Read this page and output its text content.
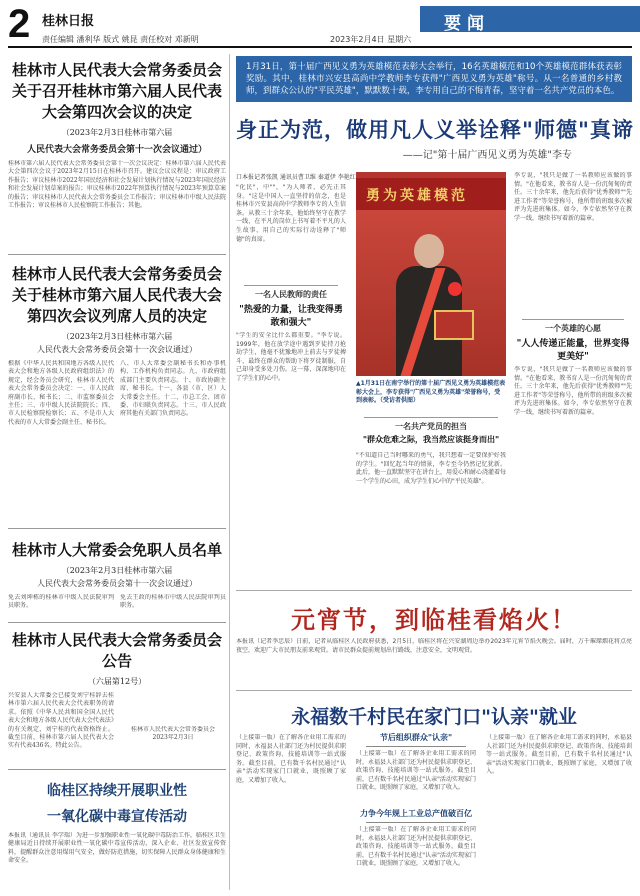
2 桂林日报
责任编辑 潘利华 版式 姚昆 责任校对 邓新明	2023年2月4日 星期六
要闻
桂林市人民代表大会常务委员会关于召开桂林市第六届人民代表大会第四次会议的决定
（2023年2月3日桂林市第六届
人民代表大会常务委员会第十一次会议通过）
桂林市第六届人民代表大会常务委员会第十一次会议决定：桂林市第六届人民代表大会第四次会议于2023年2月15日在桂林市召开。建议会议议程是：审议政府工作报告；审议桂林市2022年国民经济和社会发展计划执行情况与2023年国民经济和社会发展计划草案的报告；审议桂林市2022年预算执行情况与2023年预算草案的报告；审议桂林市人民代表大会常务委员会工作报告；审议桂林市中级人民法院工作报告；审议桂林市人民检察院工作报告；其他。
桂林市人民代表大会常务委员会关于桂林市第六届人民代表大会第四次会议列席人员的决定
（2023年2月3日桂林市第六届
人民代表大会常务委员会第十一次会议通过）
根据《中华人民共和国地方各级人民代表大会和地方各级人民政府组织法》的规定，经会务员会研究，桂林市人民代表大会常务委员会决定：一、市人民政府副市长、秘书长；二、市监察委员会主任；三、市中级人民法院院长；四、市人民检察院检察长；五、不是市人大代表的市人大常委会副主任、秘书长。
八、市人大常委会副秘书长和办事机构、工作机构负责同志。九、市政府组成部门主要负责同志。十、市政协副主席、秘书长。十一、各县（市、区）人大常委会主任。十二、市总工会、团市委、市妇联负责同志。十三、市人民政府其他有关部门负责同志。
桂林市人大常委会免职人员名单
（2023年2月3日桂林市第六届
人民代表大会常务委员会第十一次会议通过）
免去刘坤栋的桂林市中级人民法院审判员职务。
免去王政的桂林市中级人民法院审判员职务。
桂林市人民代表大会常务委员会公告
（六届第12号）
兴安县人大常委会已接受刘宁桂辞去桂林市第六届人民代表大会代表职务的请求。依照《中华人民共和国全国人民代表大会和地方各级人民代表大会代表法》的有关规定，刘宁桂的代表资格终止。截至目前，桂林市第六届人民代表大会实有代表436名。特此公告。
桂林市人民代表大会常务委员会
2023年2月3日
临桂区持续开展职业性
一氧化碳中毒宣传活动
本报讯（通讯员 李学瑞）为进一步加强职业性一氧化碳中毒防治工作，临桂区卫生健康局近日持续开展职业性一氧化碳中毒宣传活动，深入企业、社区发放宣传资料，提醒群众注意用煤用气安全，做好防范措施，切实保障人民群众身体健康和生命安全。
1月31日，第十届广西见义勇为英雄模范表彰大会举行，16名英雄模范和10个英雄模范群体获表彰奖励。其中，桂林市兴安县高尚中学教师李专获得"广西见义勇为英雄"称号。从一名普通的乡村教师，到群众公认的"平民英雄"，默默数十载，李专用自己的不悔青春，坚守着一名共产党员的本色。
身正为范，做用凡人义举诠释"师德"真谛
——记"第十届广西见义勇为英雄"李专
口本报记者张凯 通讯员曹卫维 秦道伊 李艳红
"化民"，中""，"为人师者，必先正其身。"这是中国人一直坚持的信念，也是桂林市兴安县高尚中学教师李专的人生信条。从教三十余年来，他始终坚守在教学一线，在平凡的岗位上书写着不平凡的人生故事，用自己的实际行动诠释了"师德"的真谛。
一名人民教师的责任
"热爱的力量，让我变得勇敢和强大"
"学生的安全比什么都重要。"李专说。1999年，他在放学途中遇到歹徒持刀抢劫学生，他毫不犹豫地冲上前去与歹徒搏斗，最终在群众的帮助下将歹徒制服，自己却身受多处刀伤。这一幕，深深地印在了学生们的心中。
勇为英雄模范
▲1月31日在南宁举行的第十届广西见义勇为英雄模范表彰大会上，李专获得"广西见义勇为英雄"荣誉称号，受到表彰。（受访者供图）
一名共产党员的担当
"群众危难之际，我当然应该挺身而出"
"不知道自己当时哪来的勇气，我只想着一定要保护好我的学生。"回忆起当年的情景，李专至今仍然记忆犹新。此后，他一直默默坚守在讲台上，用爱心和耐心浇灌着每一个学生的心田，成为学生们心中的"平民英雄"。
李专说，"我只是做了一名教师应该做的事情。"在他看来，教书育人是一份沉甸甸的责任。三十余年来，他先后获得"优秀教师""先进工作者"等荣誉称号，他所带的班级多次被评为先进班集体。如今，李专依然坚守在教学一线，继续书写着新的篇章。
一个英雄的心愿
"人人传递正能量，世界变得更美好"
李专说，"我只是做了一名教师应该做的事情。"在他看来，教书育人是一份沉甸甸的责任。三十余年来，他先后获得"优秀教师""先进工作者"等荣誉称号，他所带的班级多次被评为先进班集体。如今，李专依然坚守在教学一线，继续书写着新的篇章。
元宵节，到临桂看焰火！
本报讯（记者李忠辰）日前，记者从临桂区人民政府获悉，2月5日，临桂区将在兴安湖周边举办2023年元宵节焰火晚会。届时，万千璀璨烟花将点亮夜空，欢迎广大市民朋友前来观赏。请市民群众提前规划出行路线，注意安全，文明观赏。
永福数千村民在家门口"认亲"就业
（上接第一版）在了解各企业用工需求的同时，永福县人社部门还为村民提供求职登记、政策咨询、技能培训等一站式服务。截至目前，已有数千名村民通过"认亲"活动实现家门口就业，既照顾了家庭，又增加了收入。
节后组织群众"认亲"
（上接第一版）在了解各企业用工需求的同时，永福县人社部门还为村民提供求职登记、政策咨询、技能培训等一站式服务。截至目前，已有数千名村民通过"认亲"活动实现家门口就业，既照顾了家庭，又增加了收入。
力争今年规上工业总产值破百亿
（上接第一版）在了解各企业用工需求的同时，永福县人社部门还为村民提供求职登记、政策咨询、技能培训等一站式服务。截至目前，已有数千名村民通过"认亲"活动实现家门口就业，既照顾了家庭，又增加了收入。
（上接第一版）在了解各企业用工需求的同时，永福县人社部门还为村民提供求职登记、政策咨询、技能培训等一站式服务。截至目前，已有数千名村民通过"认亲"活动实现家门口就业，既照顾了家庭，又增加了收入。
